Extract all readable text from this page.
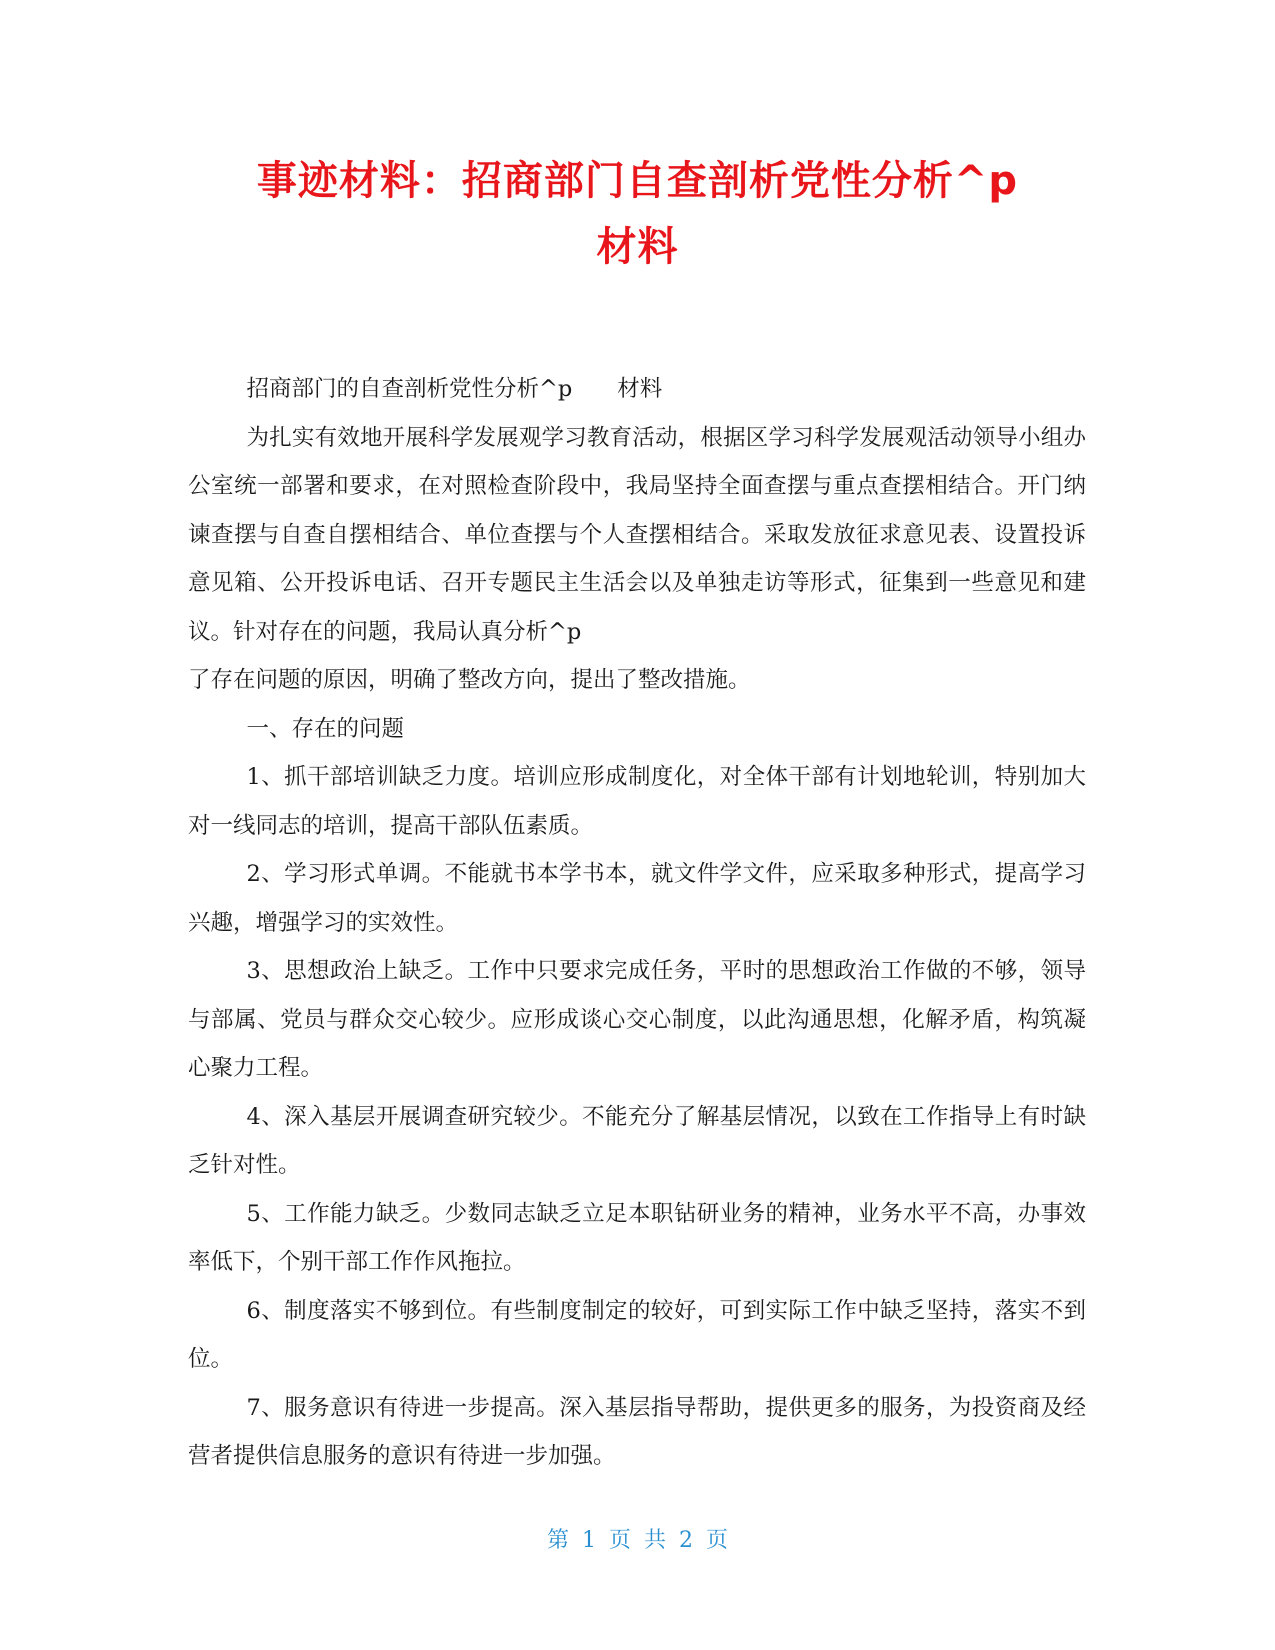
事迹材料：招商部门自查剖析党性分析^p
材料

招商部门的自查剖析党性分析^p　　材料

为扎实有效地开展科学发展观学习教育活动，根据区学习科学发展观活动领导小组办公室统一部署和要求，在对照检查阶段中，我局坚持全面查摆与重点查摆相结合。开门纳谏查摆与自查自摆相结合、单位查摆与个人查摆相结合。采取发放征求意见表、设置投诉意见箱、公开投诉电话、召开专题民主生活会以及单独走访等形式，征集到一些意见和建议。针对存在的问题，我局认真分析^p

了存在问题的原因，明确了整改方向，提出了整改措施。

一、存在的问题

1、抓干部培训缺乏力度。培训应形成制度化，对全体干部有计划地轮训，特别加大对一线同志的培训，提高干部队伍素质。

2、学习形式单调。不能就书本学书本，就文件学文件，应采取多种形式，提高学习兴趣，增强学习的实效性。

3、思想政治上缺乏。工作中只要求完成任务，平时的思想政治工作做的不够，领导与部属、党员与群众交心较少。应形成谈心交心制度，以此沟通思想，化解矛盾，构筑凝心聚力工程。

4、深入基层开展调查研究较少。不能充分了解基层情况，以致在工作指导上有时缺乏针对性。

5、工作能力缺乏。少数同志缺乏立足本职钻研业务的精神，业务水平不高，办事效率低下，个别干部工作作风拖拉。

6、制度落实不够到位。有些制度制定的较好，可到实际工作中缺乏坚持，落实不到位。

7、服务意识有待进一步提高。深入基层指导帮助，提供更多的服务，为投资商及经营者提供信息服务的意识有待进一步加强。

第 1 页 共 2 页
